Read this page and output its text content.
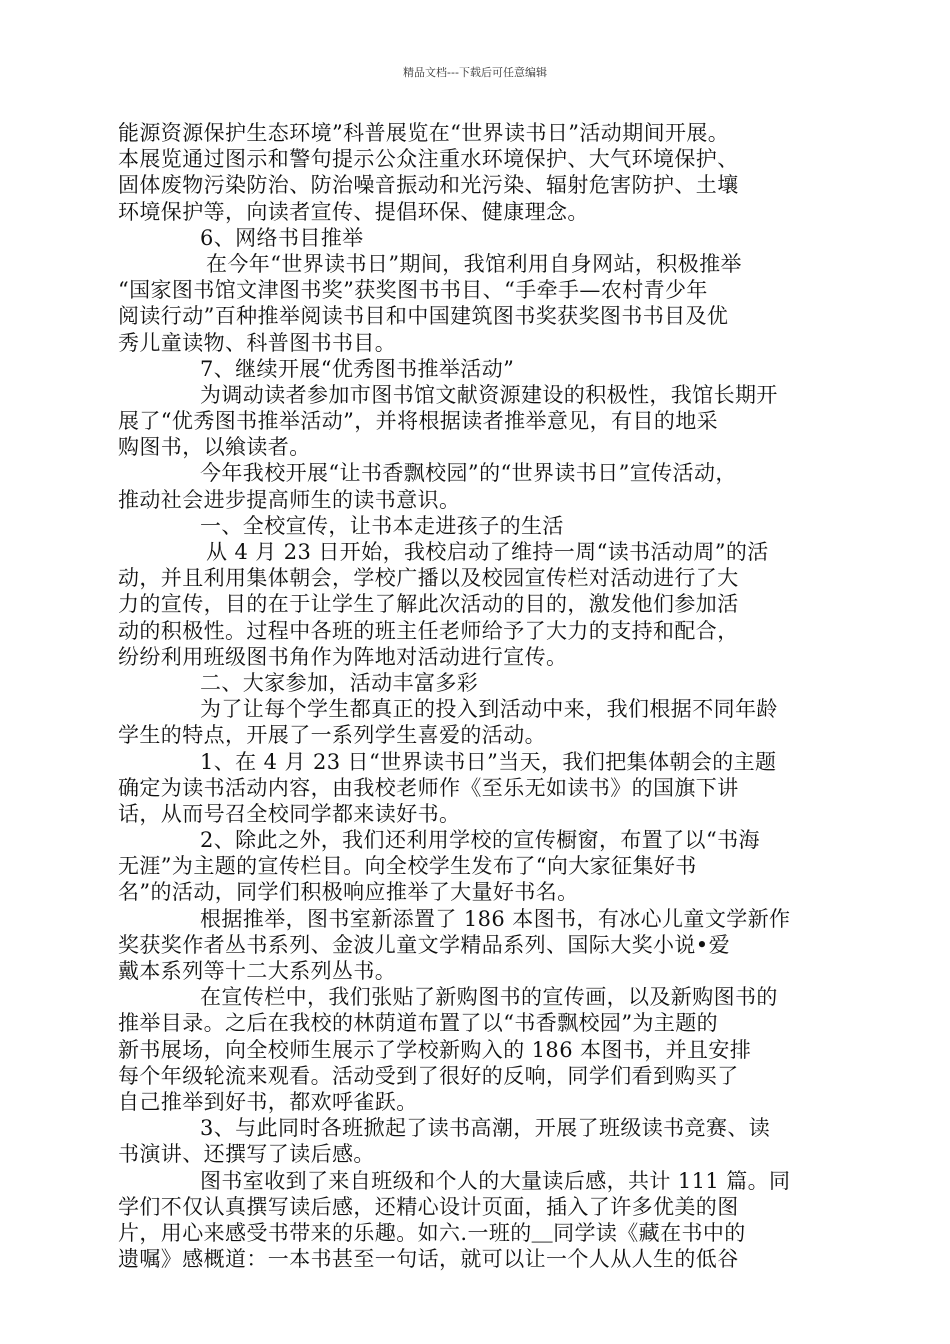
精品文档---下载后可任意编辑
能源资源保护生态环境”科普展览在“世界读书日”活动期间开展。
本展览通过图示和警句提示公众注重水环境保护、大气环境保护、
固体废物污染防治、防治噪音振动和光污染、辐射危害防护、土壤
环境保护等，向读者宣传、提倡环保、健康理念。
6、网络书目推举
在今年“世界读书日”期间，我馆利用自身网站，积极推举
“国家图书馆文津图书奖”获奖图书书目、“手牵手—农村青少年
阅读行动”百种推举阅读书目和中国建筑图书奖获奖图书书目及优
秀儿童读物、科普图书书目。
7、继续开展“优秀图书推举活动”
为调动读者参加市图书馆文献资源建设的积极性，我馆长期开
展了“优秀图书推举活动”，并将根据读者推举意见，有目的地采
购图书，以飨读者。
今年我校开展“让书香飘校园”的“世界读书日”宣传活动，
推动社会进步提高师生的读书意识。
一、全校宣传，让书本走进孩子的生活
从 4 月 23 日开始，我校启动了维持一周“读书活动周”的活
动，并且利用集体朝会，学校广播以及校园宣传栏对活动进行了大
力的宣传，目的在于让学生了解此次活动的目的，激发他们参加活
动的积极性。过程中各班的班主任老师给予了大力的支持和配合，
纷纷利用班级图书角作为阵地对活动进行宣传。
二、大家参加，活动丰富多彩
为了让每个学生都真正的投入到活动中来，我们根据不同年龄
学生的特点，开展了一系列学生喜爱的活动。
1、在 4 月 23 日“世界读书日”当天，我们把集体朝会的主题
确定为读书活动内容，由我校老师作《至乐无如读书》的国旗下讲
话，从而号召全校同学都来读好书。
2、除此之外，我们还利用学校的宣传橱窗，布置了以“书海
无涯”为主题的宣传栏目。向全校学生发布了“向大家征集好书
名”的活动，同学们积极响应推举了大量好书名。
根据推举，图书室新添置了 186 本图书，有冰心儿童文学新作
奖获奖作者丛书系列、金波儿童文学精品系列、国际大奖小说•爱
戴本系列等十二大系列丛书。
在宣传栏中，我们张贴了新购图书的宣传画，以及新购图书的
推举目录。之后在我校的林荫道布置了以“书香飘校园”为主题的
新书展场，向全校师生展示了学校新购入的 186 本图书，并且安排
每个年级轮流来观看。活动受到了很好的反响，同学们看到购买了
自己推举到好书，都欢呼雀跃。
3、与此同时各班掀起了读书高潮，开展了班级读书竞赛、读
书演讲、还撰写了读后感。
图书室收到了来自班级和个人的大量读后感，共计 111 篇。同
学们不仅认真撰写读后感，还精心设计页面，插入了许多优美的图
片，用心来感受书带来的乐趣。如六.一班的＿同学读《藏在书中的
遗嘱》感概道：一本书甚至一句话，就可以让一个人从人生的低谷
